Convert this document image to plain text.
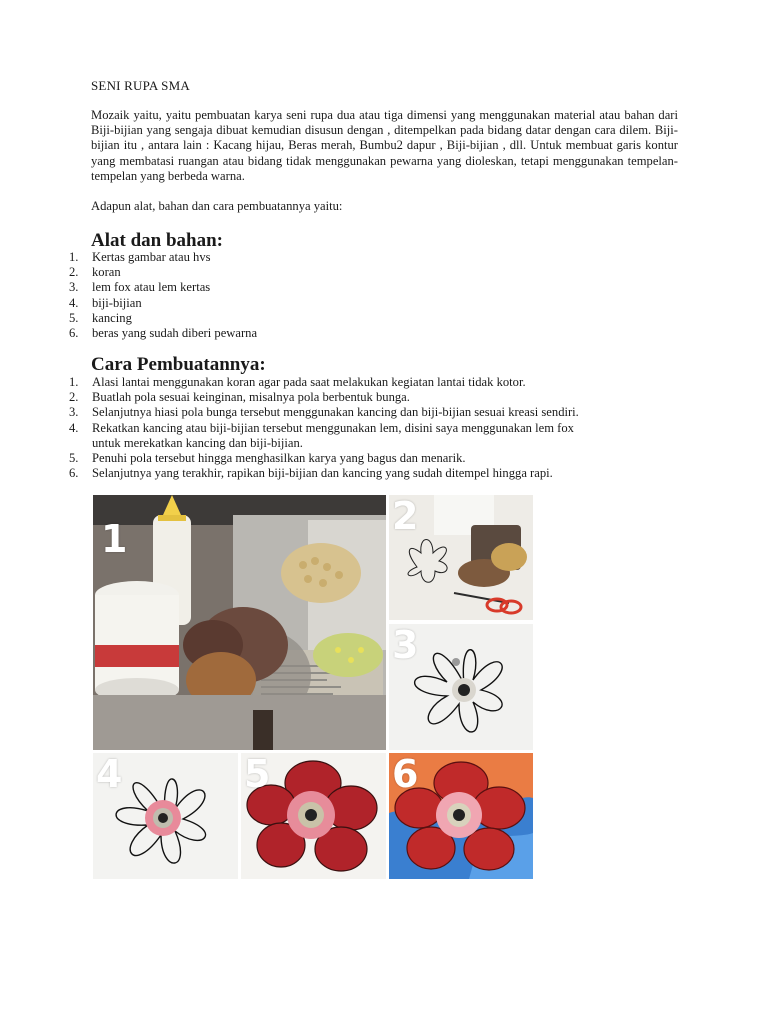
SENI RUPA SMA

Mozaik yaitu, yaitu pembuatan karya seni rupa dua atau tiga dimensi yang menggunakan material atau bahan dari Biji-bijian yang sengaja dibuat kemudian disusun dengan , ditempelkan pada bidang datar dengan cara dilem. Biji-bijian itu , antara lain : Kacang hijau, Beras merah, Bumbu2 dapur , Biji-bijian , dll. Untuk membuat garis kontur yang membatasi ruangan atau bidang tidak menggunakan pewarna yang dioleskan, tetapi menggunakan tempelan- tempelan yang berbeda warna.

Adapun alat, bahan dan cara pembuatannya yaitu:

Alat dan bahan:
1. Kertas gambar atau hvs
2. koran
3. lem fox atau lem kertas
4. biji-bijian
5. kancing
6. beras yang sudah diberi pewarna
Cara Pembuatannya:
1. Alasi lantai menggunakan koran agar pada saat melakukan kegiatan lantai tidak kotor.
2. Buatlah pola sesuai keinginan, misalnya pola berbentuk bunga.
3. Selanjutnya hiasi pola bunga tersebut menggunakan kancing dan biji-bijian sesuai kreasi sendiri.
4. Rekatkan kancing atau biji-bijian tersebut menggunakan lem, disini saya menggunakan lem fox
untuk merekatkan kancing dan biji-bijian.
5. Penuhi pola tersebut hingga menghasilkan karya yang bagus dan menarik.
6. Selanjutnya yang terakhir, rapikan biji-bijian dan kancing yang sudah ditempel hingga rapi.
1
2
3
4	5	6
